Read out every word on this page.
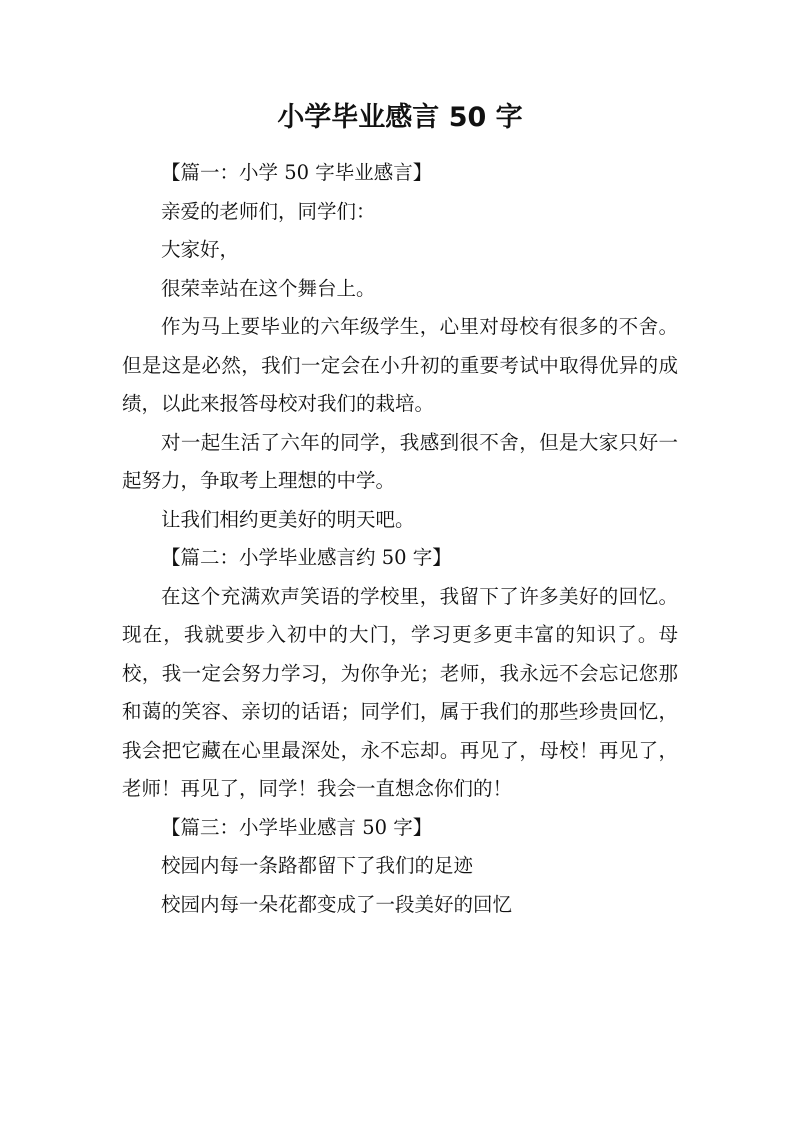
小学毕业感言 50 字

【篇一：小学 50 字毕业感言】

亲爱的老师们，同学们：

大家好，

很荣幸站在这个舞台上。

作为马上要毕业的六年级学生，心里对母校有很多的不舍。但是这是必然，我们一定会在小升初的重要考试中取得优异的成绩，以此来报答母校对我们的栽培。

对一起生活了六年的同学，我感到很不舍，但是大家只好一起努力，争取考上理想的中学。

让我们相约更美好的明天吧。

【篇二：小学毕业感言约 50 字】

在这个充满欢声笑语的学校里，我留下了许多美好的回忆。现在，我就要步入初中的大门，学习更多更丰富的知识了。母校，我一定会努力学习，为你争光；老师，我永远不会忘记您那和蔼的笑容、亲切的话语；同学们，属于我们的那些珍贵回忆，我会把它藏在心里最深处，永不忘却。再见了，母校！再见了，老师！再见了，同学！我会一直想念你们的！

【篇三：小学毕业感言 50 字】

校园内每一条路都留下了我们的足迹

校园内每一朵花都变成了一段美好的回忆
